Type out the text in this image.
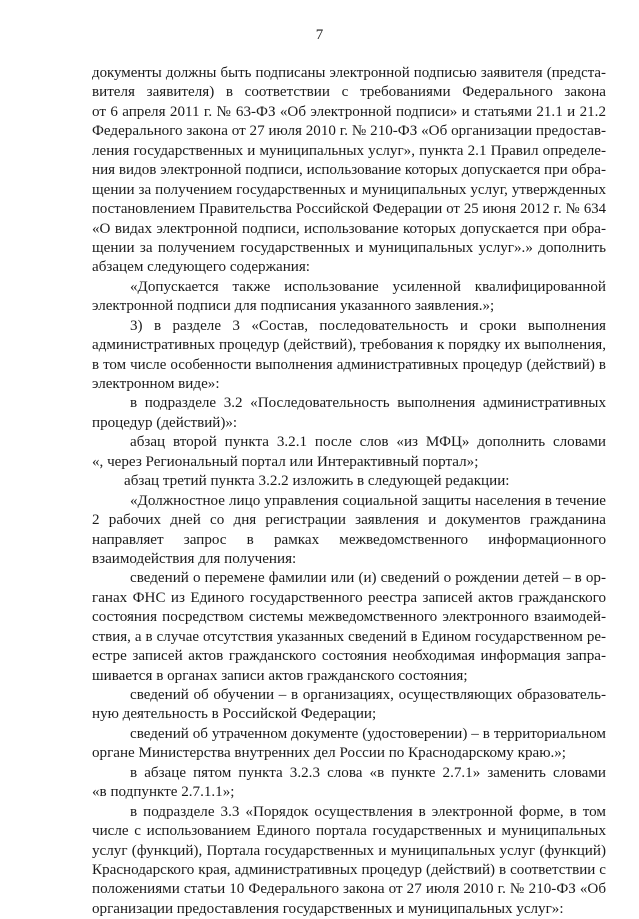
7
документы должны быть подписаны электронной подписью заявителя (предста-
вителя заявителя) в соответствии с требованиями Федерального закона
от 6 апреля 2011 г. № 63-ФЗ «Об электронной подписи» и статьями 21.1 и 21.2
Федерального закона от 27 июля 2010 г. № 210-ФЗ «Об организации предостав-
ления государственных и муниципальных услуг», пункта 2.1 Правил определе-
ния видов электронной подписи, использование которых допускается при обра-
щении за получением государственных и муниципальных услуг, утвержденных
постановлением Правительства Российской Федерации от 25 июня 2012 г. № 634
«О видах электронной подписи, использование которых допускается при обра-
щении за получением государственных и муниципальных услуг».» дополнить
абзацем следующего содержания:
«Допускается также использование усиленной квалифицированной
электронной подписи для подписания указанного заявления.»;
3) в разделе 3 «Состав, последовательность и сроки выполнения
административных процедур (действий), требования к порядку их выполнения,
в том числе особенности выполнения административных процедур (действий) в
электронном виде»:
в подразделе 3.2 «Последовательность выполнения административных
процедур (действий)»:
абзац второй пункта 3.2.1 после слов «из МФЦ» дополнить словами
«, через Региональный портал или Интерактивный портал»;
абзац третий пункта 3.2.2 изложить в следующей редакции:
«Должностное лицо управления социальной защиты населения в течение
2 рабочих дней со дня регистрации заявления и документов гражданина
направляет запрос в рамках межведомственного информационного
взаимодействия для получения:
сведений о перемене фамилии или (и) сведений о рождении детей – в ор-
ганах ФНС из Единого государственного реестра записей актов гражданского
состояния посредством системы межведомственного электронного взаимодей-
ствия, а в случае отсутствия указанных сведений в Едином государственном ре-
естре записей актов гражданского состояния необходимая информация запра-
шивается в органах записи актов гражданского состояния;
сведений об обучении – в организациях, осуществляющих образователь-
ную деятельность в Российской Федерации;
сведений об утраченном документе (удостоверении) – в территориальном
органе Министерства внутренних дел России по Краснодарскому краю.»;
в абзаце пятом пункта 3.2.3 слова «в пункте 2.7.1» заменить словами
«в подпункте 2.7.1.1»;
в подразделе 3.3 «Порядок осуществления в электронной форме, в том
числе с использованием Единого портала государственных и муниципальных
услуг (функций), Портала государственных и муниципальных услуг (функций)
Краснодарского края, административных процедур (действий) в соответствии с
положениями статьи 10 Федерального закона от 27 июля 2010 г. № 210-ФЗ «Об
организации предоставления государственных и муниципальных услуг»:
